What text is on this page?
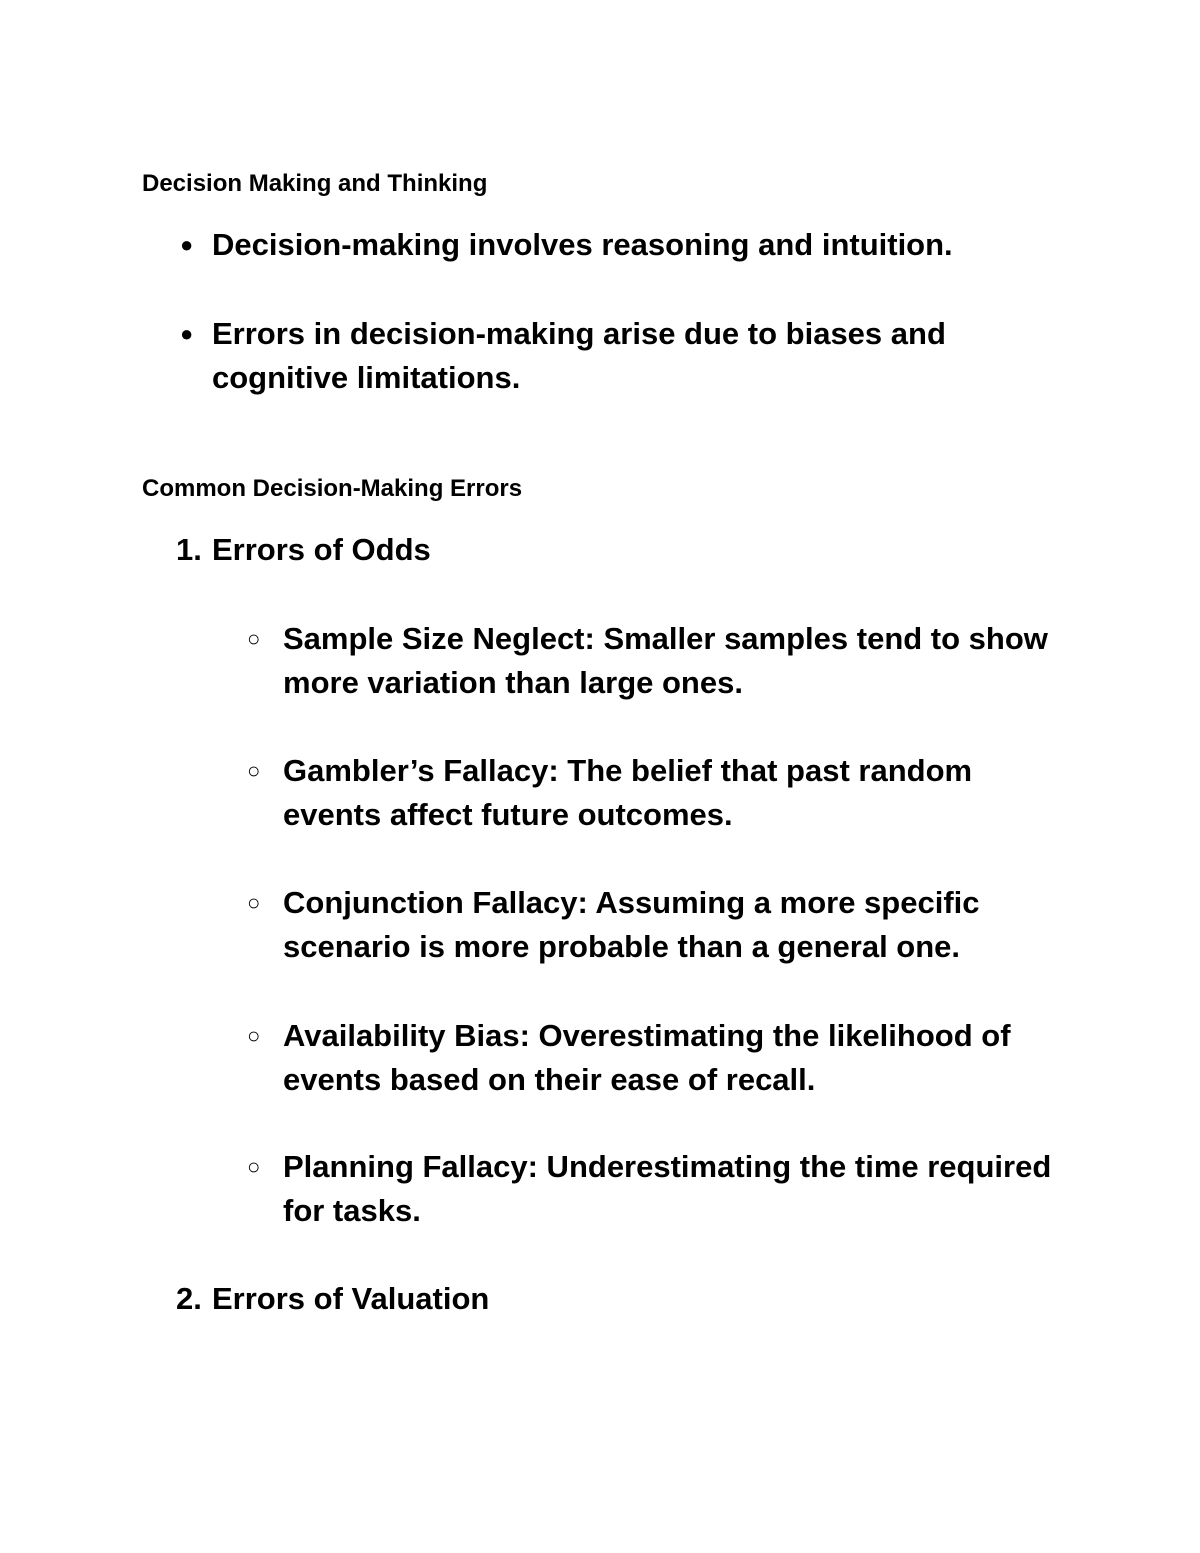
Decision Making and Thinking
● Decision-making involves reasoning and intuition.
● Errors in decision-making arise due to biases and cognitive limitations.
Common Decision-Making Errors
1. Errors of Odds
○ Sample Size Neglect: Smaller samples tend to show more variation than large ones.
○ Gambler’s Fallacy: The belief that past random events affect future outcomes.
○ Conjunction Fallacy: Assuming a more specific scenario is more probable than a general one.
○ Availability Bias: Overestimating the likelihood of events based on their ease of recall.
○ Planning Fallacy: Underestimating the time required for tasks.
2. Errors of Valuation
